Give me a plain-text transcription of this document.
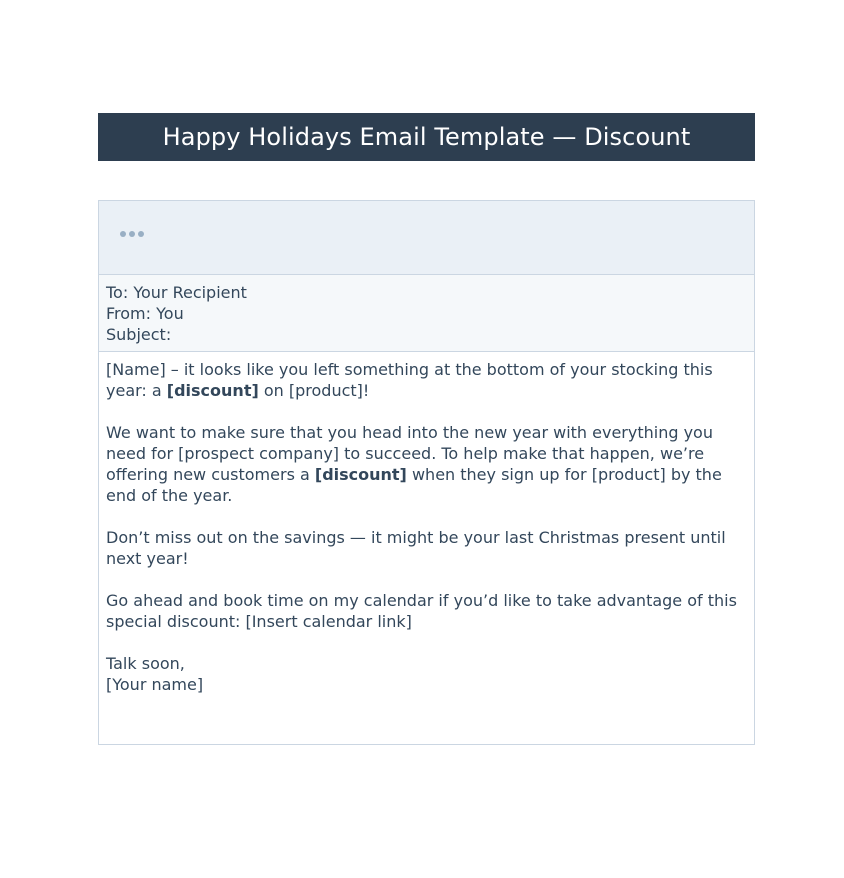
Happy Holidays Email Template — Discount
To: Your Recipient
From: You
Subject:

[Name] – it looks like you left something at the bottom of your stocking this year: a [discount] on [product]!

We want to make sure that you head into the new year with everything you need for [prospect company] to succeed. To help make that happen, we’re offering new customers a [discount] when they sign up for [product] by the end of the year.

Don’t miss out on the savings — it might be your last Christmas present until next year!

Go ahead and book time on my calendar if you’d like to take advantage of this special discount: [Insert calendar link]

Talk soon,
[Your name]
